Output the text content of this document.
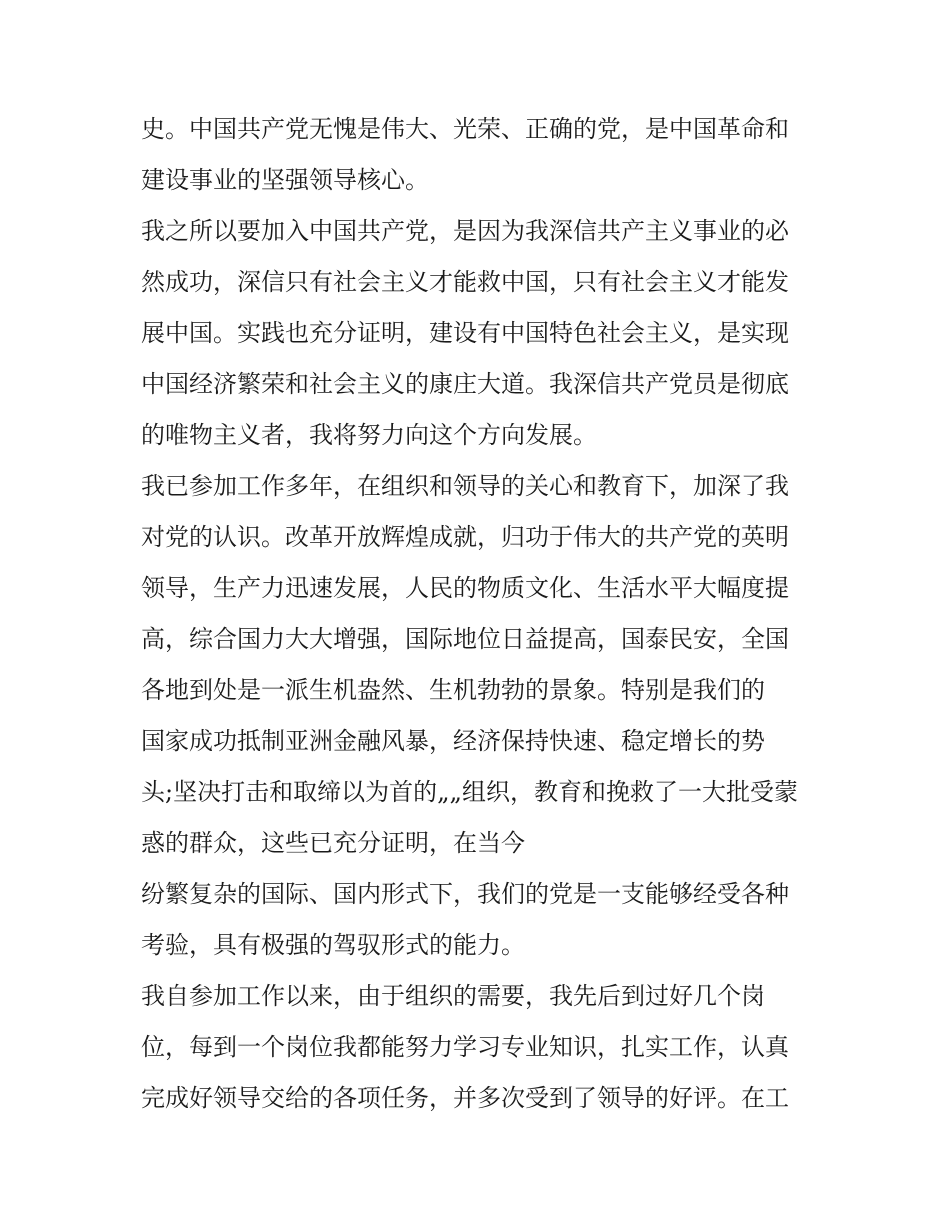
史。中国共产党无愧是伟大、光荣、正确的党，是中国革命和
建设事业的坚强领导核心。
我之所以要加入中国共产党，是因为我深信共产主义事业的必
然成功，深信只有社会主义才能救中国，只有社会主义才能发
展中国。实践也充分证明，建设有中国特色社会主义，是实现
中国经济繁荣和社会主义的康庄大道。我深信共产党员是彻底
的唯物主义者，我将努力向这个方向发展。
我已参加工作多年，在组织和领导的关心和教育下，加深了我
对党的认识。改革开放辉煌成就，归功于伟大的共产党的英明
领导，生产力迅速发展，人民的物质文化、生活水平大幅度提
高，综合国力大大增强，国际地位日益提高，国泰民安，全国
各地到处是一派生机盎然、生机勃勃的景象。特别是我们的
国家成功抵制亚洲金融风暴，经济保持快速、稳定增长的势
头;坚决打击和取缔以为首的„„组织，教育和挽救了一大批受蒙
惑的群众，这些已充分证明，在当今
纷繁复杂的国际、国内形式下，我们的党是一支能够经受各种
考验，具有极强的驾驭形式的能力。
我自参加工作以来，由于组织的需要，我先后到过好几个岗
位，每到一个岗位我都能努力学习专业知识，扎实工作，认真
完成好领导交给的各项任务，并多次受到了领导的好评。在工
